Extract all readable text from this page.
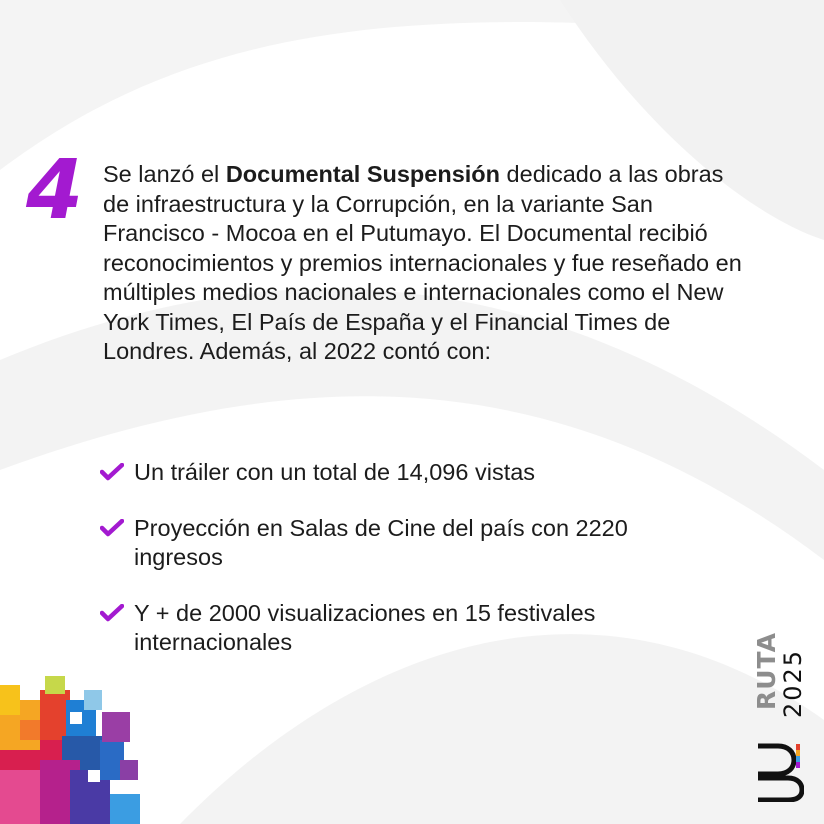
4 Se lanzó el Documental Suspensión dedicado a las obras de infraestructura y la Corrupción, en la variante San Francisco - Mocoa en el Putumayo. El Documental recibió reconocimientos y premios internacionales y fue reseñado en múltiples medios nacionales e internacionales como el New York Times, El País de España y el Financial Times de Londres. Además, al 2022 contó con:

Un tráiler con un total de 14,096 vistas
Proyección en Salas de Cine del país con 2220 ingresos
Y + de 2000 visualizaciones en 15 festivales internacionales	RUTA
2025
